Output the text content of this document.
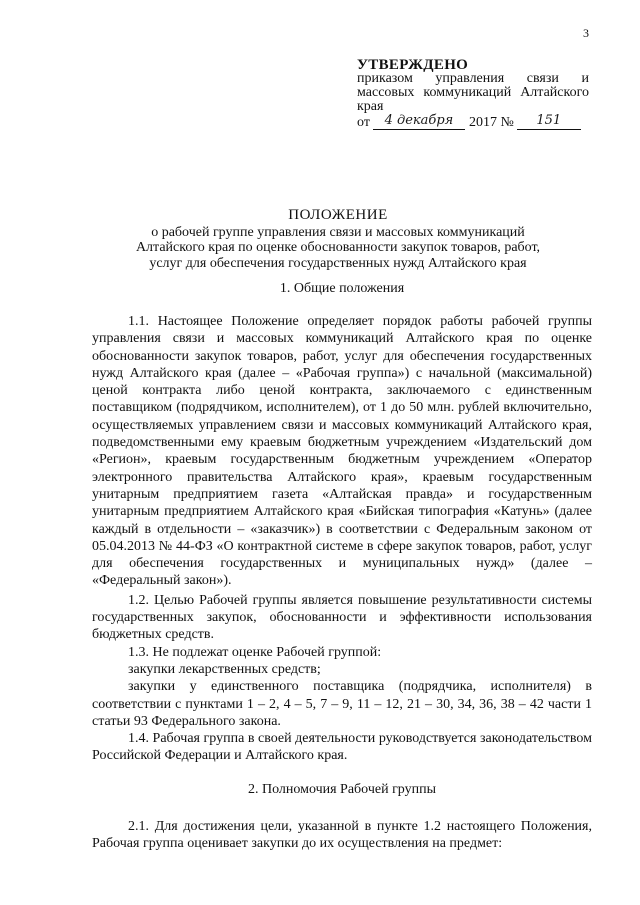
3
УТВЕРЖДЕНО
приказом управления связи и массовых коммуникаций Алтайского края
от	4 декабря	2017 №	151
ПОЛОЖЕНИЕ
о рабочей группе управления связи и массовых коммуникаций
Алтайского края по оценке обоснованности закупок товаров, работ,
услуг для обеспечения государственных нужд Алтайского края
1. Общие положения

1.1. Настоящее Положение определяет порядок работы рабочей группы управления связи и массовых коммуникаций Алтайского края по оценке обоснованности закупок товаров, работ, услуг для обеспечения государственных нужд Алтайского края (далее – «Рабочая группа») с начальной (максимальной) ценой контракта либо ценой контракта, заключаемого с единственным поставщиком (подрядчиком, исполнителем), от 1 до 50 млн. рублей включительно, осуществляемых управлением связи и массовых коммуникаций Алтайского края, подведомственными ему краевым бюджетным учреждением «Издательский дом «Регион», краевым государственным бюджетным учреждением «Оператор электронного правительства Алтайского края», краевым государственным унитарным предприятием газета «Алтайская правда» и государственным унитарным предприятием Алтайского края «Бийская типография «Катунь» (далее каждый в отдельности – «заказчик») в соответствии с Федеральным законом от 05.04.2013 № 44-ФЗ «О контрактной системе в сфере закупок товаров, работ, услуг для обеспечения государственных и муниципальных нужд» (далее – «Федеральный закон»).

1.2. Целью Рабочей группы является повышение результативности системы государственных закупок, обоснованности и эффективности использования бюджетных средств.

1.3. Не подлежат оценке Рабочей группой:

закупки лекарственных средств;

закупки у единственного поставщика (подрядчика, исполнителя) в соответствии с пунктами 1 – 2, 4 – 5, 7 – 9, 11 – 12, 21 – 30, 34, 36, 38 – 42 части 1 статьи 93 Федерального закона.

1.4. Рабочая группа в своей деятельности руководствуется законодательством Российской Федерации и Алтайского края.

2. Полномочия Рабочей группы

2.1. Для достижения цели, указанной в пункте 1.2 настоящего Положения, Рабочая группа оценивает закупки до их осуществления на предмет:
